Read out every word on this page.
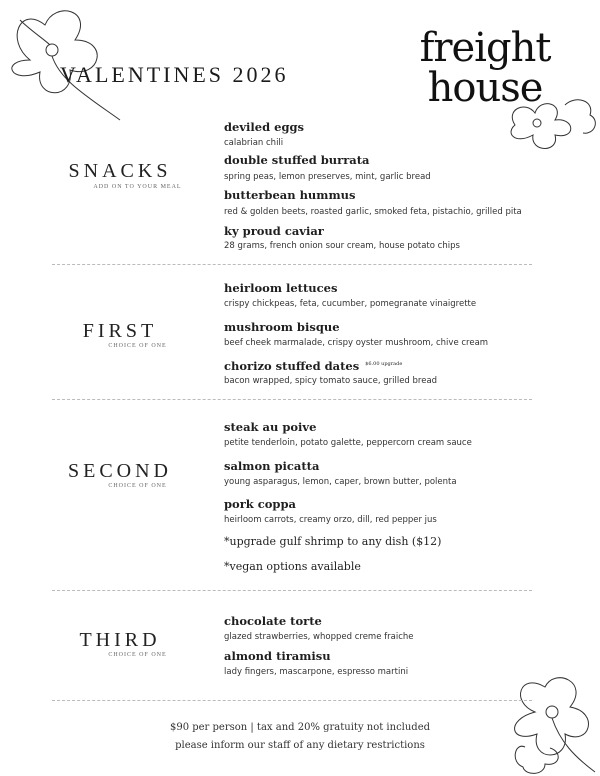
VALENTINES 2026
freight
house
SNACKS
ADD ON TO YOUR MEAL
deviled eggs
calabrian chili
double stuffed burrata
spring peas, lemon preserves, mint, garlic bread
butterbean hummus
red & golden beets, roasted garlic, smoked feta, pistachio, grilled pita
ky proud caviar
28 grams, french onion sour cream, house potato chips
FIRST
CHOICE OF ONE
heirloom lettuces
crispy chickpeas, feta, cucumber, pomegranate vinaigrette
mushroom bisque
beef cheek marmalade, crispy oyster mushroom, chive cream
chorizo stuffed dates $^{\$6.00 upgrade}$
bacon wrapped, spicy tomato sauce, grilled bread
SECOND
CHOICE OF ONE
steak au poive
petite tenderloin, potato galette, peppercorn cream sauce
salmon picatta
young asparagus, lemon, caper, brown butter, polenta
pork coppa
heirloom carrots, creamy orzo, dill, red pepper jus
*upgrade gulf shrimp to any dish ($12)
*vegan options available
THIRD
CHOICE OF ONE
chocolate torte
glazed strawberries, whopped creme fraiche
almond tiramisu
lady fingers, mascarpone, espresso martini
$90 per person | tax and 20% gratuity not included
please inform our staff of any dietary restrictions
